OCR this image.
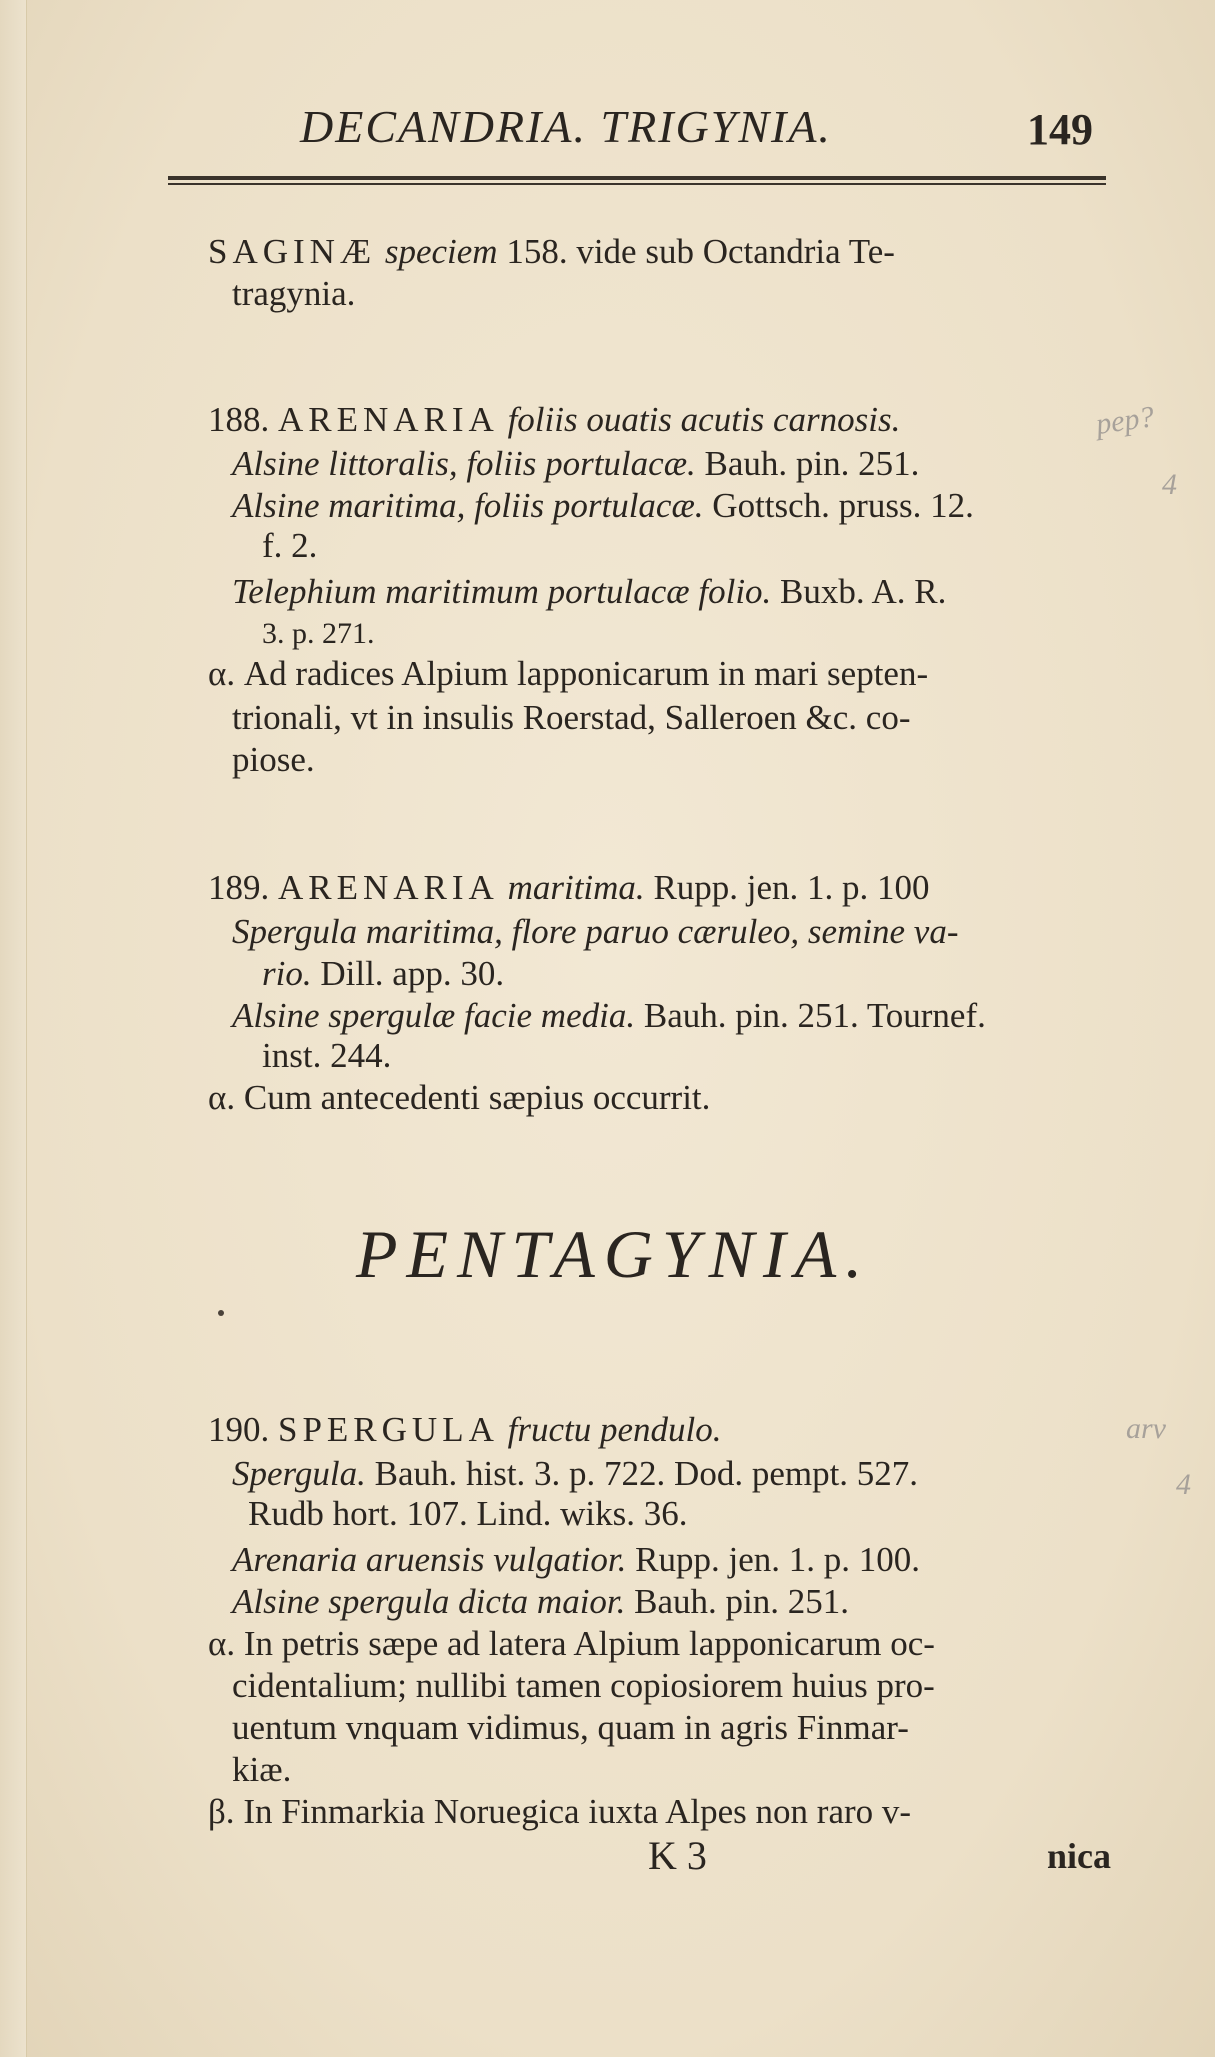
DECANDRIA. TRIGYNIA.	149
SAGINÆ speciem 158. vide sub Octandria Te-
tragynia.
188. ARENARIA foliis ouatis acutis carnosis.
Alsine littoralis, foliis portulacæ. Bauh. pin. 251.
Alsine maritima, foliis portulacæ. Gottsch. pruss. 12.
f. 2.
Telephium maritimum portulacæ folio. Buxb. A. R.
3. p. 271.
α. Ad radices Alpium lapponicarum in mari septen-
trionali, vt in insulis Roerstad, Salleroen &c. co-
piose.
189. ARENARIA maritima. Rupp. jen. 1. p. 100
Spergula maritima, flore paruo cæruleo, semine va-
rio. Dill. app. 30.
Alsine spergulæ facie media. Bauh. pin. 251. Tournef.
inst. 244.
α. Cum antecedenti sæpius occurrit.
PENTAGYNIA.
190. SPERGULA fructu pendulo.
Spergula. Bauh. hist. 3. p. 722. Dod. pempt. 527.
Rudb hort. 107. Lind. wiks. 36.
Arenaria aruensis vulgatior. Rupp. jen. 1. p. 100.
Alsine spergula dicta maior. Bauh. pin. 251.
α. In petris sæpe ad latera Alpium lapponicarum oc-
cidentalium; nullibi tamen copiosiorem huius pro-
uentum vnquam vidimus, quam in agris Finmar-
kiæ.
β. In Finmarkia Noruegica iuxta Alpes non raro v-
K 3	nica
pep?
4
arv
4
